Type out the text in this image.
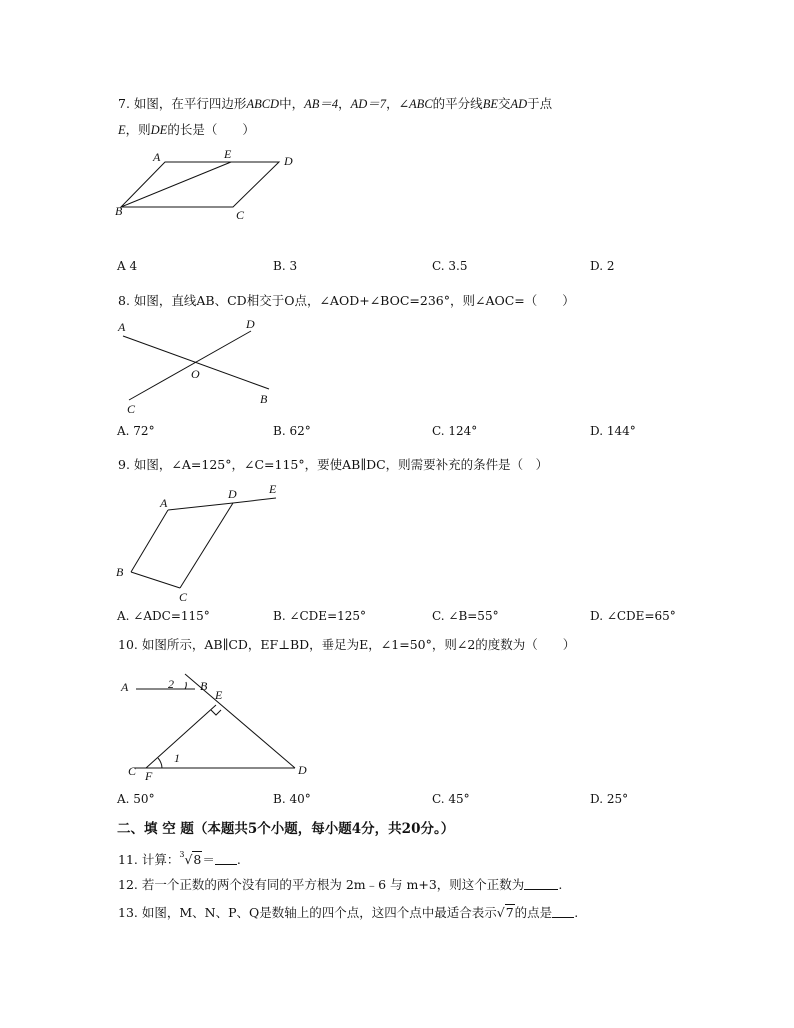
7. 如图，在平行四边形ABCD中，AB＝4，AD＝7，∠ABC的平分线BE交AD于点
E，则DE的长是（　　）
A	E	D
B	C
A 4	B. 3	C. 3.5	D. 2
8. 如图，直线AB、CD相交于O点，∠AOD+∠BOC=236°，则∠AOC=（　　）
A	D
O
C
B
A. 72°	B. 62°	C. 124°	D. 144°
9. 如图，∠A=125°，∠C=115°，要使AB∥DC，则需要补充的条件是（　）
A
D	E
B
C
A. ∠ADC=115°	B. ∠CDE=125°	C. ∠B=55°	D. ∠CDE=65°
10. 如图所示，AB∥CD，EF⊥BD，垂足为E，∠1=50°，则∠2的度数为（　　）
A	2 B
E
1
C F	D
A. 50°	B. 40°	C. 45°	D. 25°
二、填 空 题（本题共5个小题，每小题4分，共20分。）
11. 计算：$^3$√8＝ .
12. 若一个正数的两个没有同的平方根为 2m﹣6 与 m+3，则这个正数为	.
13. 如图，M、N、P、Q是数轴上的四个点，这四个点中最适合表示√7的点是 .
